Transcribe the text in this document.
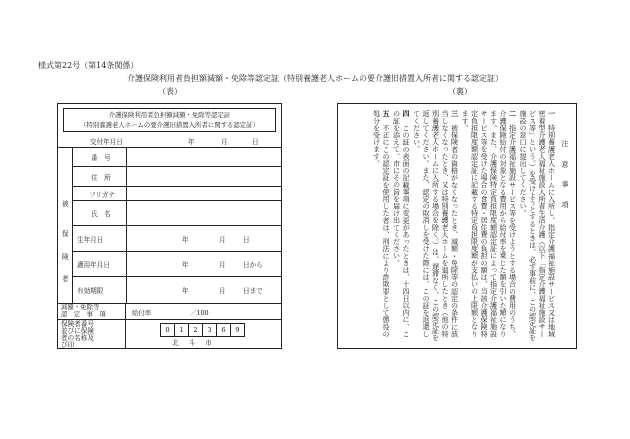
様式第22号（第14条関係）
介護保険利用者負担額減額・免除等認定証（特別養護老人ホームの要介護旧措置入所者に関する認定証）
（表）	（裏）
介護保険利用者負担額減額・免除等認定証
（特別養護老人ホームの要介護旧措置入所者に関する認定証）
交付年月日	年	月	日
被
保
険
者
番　号
住　所
フリガナ
氏　名
生年月日	年	月	日
適用年月日	年	月	日から
有効期限	年	月	日まで
減額・免除等
認　定　事　項	給付率	／100
保険者番号
並びに保険
者の名称及
び印
0	1	2	3	6	9
北斗市

注　意　事　項

一　特別養護老人ホームに入所し、指定介護福祉施設サービス又は地域密着型介護老人福祉施設入所者生活介護（以下「指定介護福祉施設サービス等」という。）を受けようとするときは、必ず事前に、この認定証を施設の窓口に提出してください。

二　指定介護福祉施設サービス等を受けようとする場合の費用のうち、介護保険給付の対象となる費用から給付率を乗じた額を引いた額になります。また、介護保険特定負担限度額認定証によって指定介護福祉施設サービス等を受けた場合の食費・居住費の負担の額は、当該介護保険特定負担限度額認定証に記載する特定負担限度額が支払いの上限額となります。

三　被保険者の資格がなくなったとき、減額・免除等の認定の条件に該当しなくなったとき、又は特別養護老人ホームを退所したとき（他の特別養護老人ホームに入所する場合を除く。）は、遅滞なく、この認定証を返してください。また、認定の取消しを受けた際には、この証を返還してください。

四　この証の表面の記載事項に変更があったときは、十四日以内に、この証を添えて、市にその旨を届け出てください。

五　不正にこの認定証を使用した者は、刑法により詐欺罪として懲役の処分を受けます。
